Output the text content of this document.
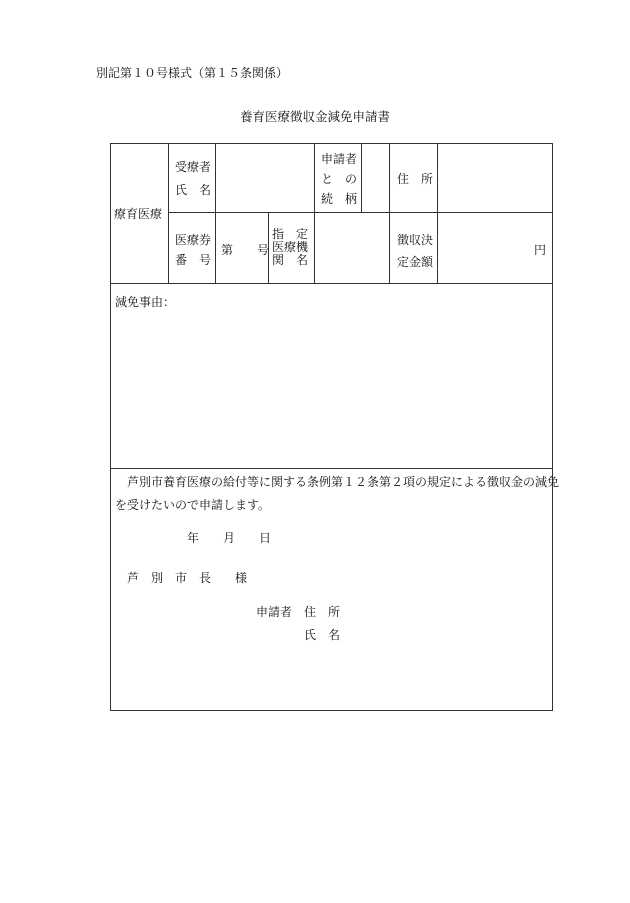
別記第１０号様式（第１５条関係）
養育医療徴収金減免申請書
療育医療
受療者
氏　名
申請者
と　の
続　柄
住　所
医療券
番　号
第　　号
指　定
医療機
関　名
徴収決
定金額
円
減免事由：
芦別市養育医療の給付等に関する条例第１２条第２項の規定による徴収金の減免
を受けたいので申請します。
年　　月　　日
芦　別　市　長　　様
申請者　住　所
氏　名
